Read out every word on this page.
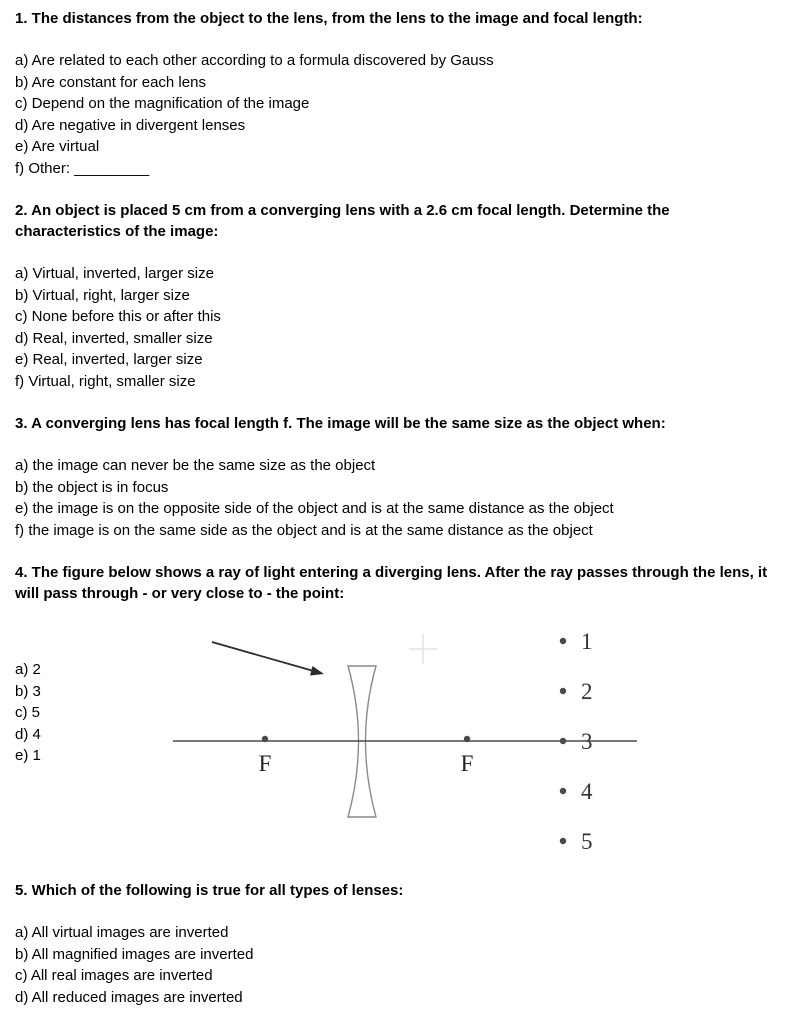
1. The distances from the object to the lens, from the lens to the image and focal length:

a) Are related to each other according to a formula discovered by Gauss
b) Are constant for each lens
c) Depend on the magnification of the image
d) Are negative in divergent lenses
e) Are virtual
f) Other: _________

2. An object is placed 5 cm from a converging lens with a 2.6 cm focal length. Determine the characteristics of the image:

a) Virtual, inverted, larger size
b) Virtual, right, larger size
c) None before this or after this
d) Real, inverted, smaller size
e) Real, inverted, larger size
f) Virtual, right, smaller size

3. A converging lens has focal length f. The image will be the same size as the object when:

a) the image can never be the same size as the object
b) the object is in focus
e) the image is on the opposite side of the object and is at the same distance as the object
f) the image is on the same side as the object and is at the same distance as the object

4. The figure below shows a ray of light entering a diverging lens. After the ray passes through the lens, it will pass through - or very close to - the point:

a) 2
b) 3
c) 5
d) 4
e) 1
1
2
3
4
5
F	F

5. Which of the following is true for all types of lenses:

a) All virtual images are inverted
b) All magnified images are inverted
c) All real images are inverted
d) All reduced images are inverted
